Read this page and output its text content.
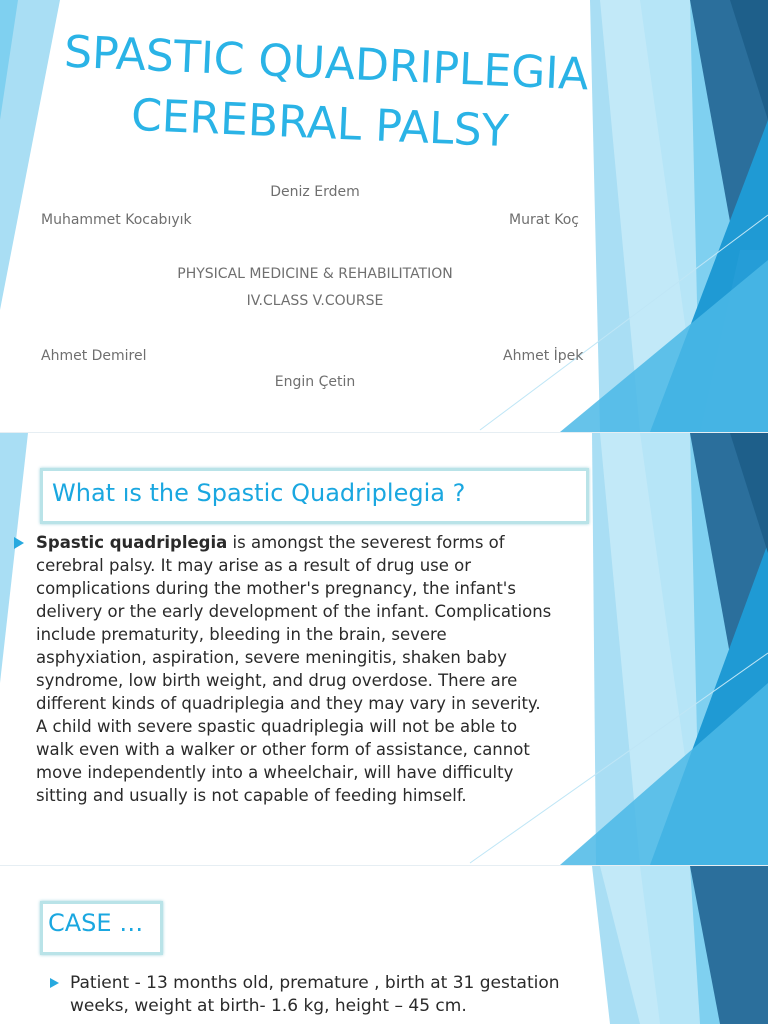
SPASTIC QUADRIPLEGIA
CEREBRAL PALSY
Deniz Erdem
Muhammet Kocabıyık	Murat Koç
PHYSICAL MEDICINE & REHABILITATION
IV.CLASS V.COURSE
Ahmet Demirel	Ahmet İpek
Engin Çetin
What ıs the Spastic Quadriplegia ?
Spastic quadriplegia is amongst the severest forms of cerebral palsy. It may arise as a result of drug use or complications during the mother's pregnancy, the infant's delivery or the early development of the infant. Complications include prematurity, bleeding in the brain, severe asphyxiation, aspiration, severe meningitis, shaken baby syndrome, low birth weight, and drug overdose. There are different kinds of quadriplegia and they may vary in severity. A child with severe spastic quadriplegia will not be able to walk even with a walker or other form of assistance, cannot move independently into a wheelchair, will have difficulty sitting and usually is not capable of feeding himself.
CASE …
Patient - 13 months old, premature , birth at 31 gestation weeks, weight at birth- 1.6 kg, height – 45 cm.
